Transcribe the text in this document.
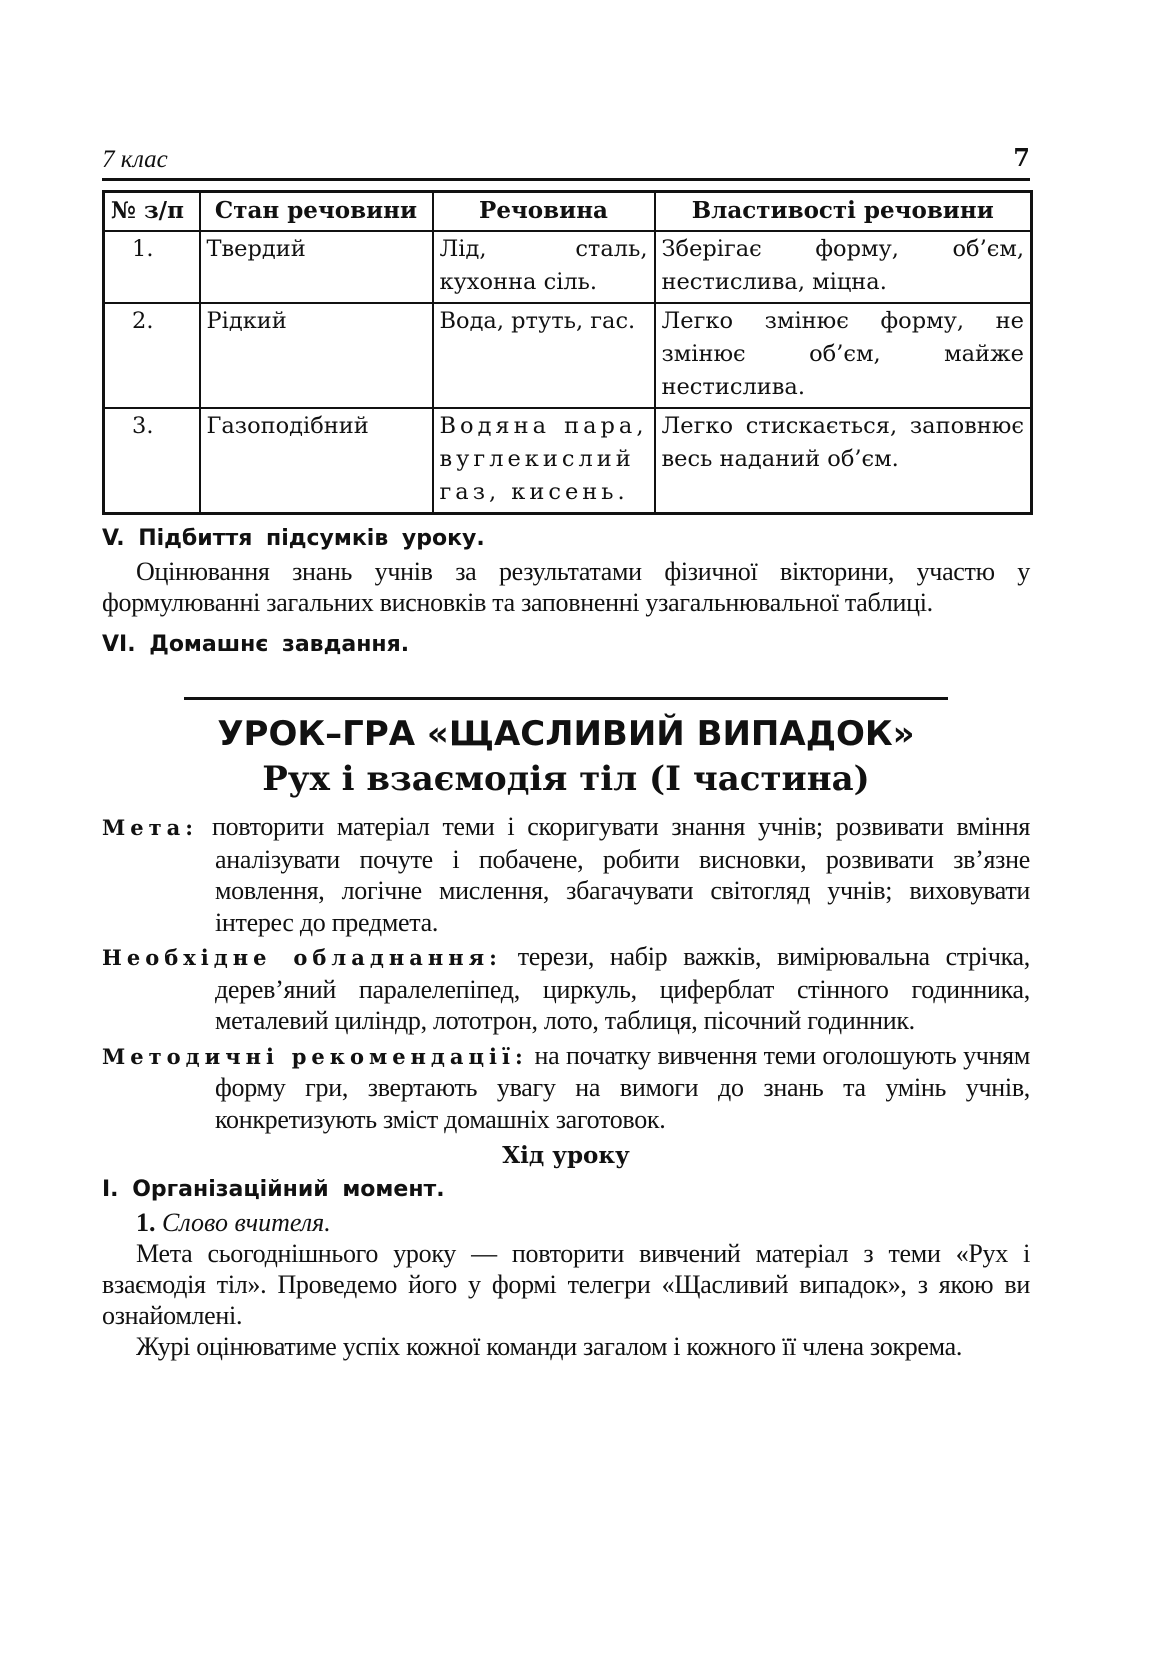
7 клас	7
№ з/п	Стан речовини	Речовина	Властивості речовини
1.	Твердий	Лід, сталь, кухонна сіль.	Зберігає форму, об’єм, нестислива, міцна.
2.	Рідкий	Вода, ртуть, гас.	Легко змінює форму, не змінює об’єм, майже нестислива.
3.	Газоподібний	Водяна пара, вуглекислий газ, кисень.	Легко стискається, заповнює весь наданий об’єм.
V. Підбиття підсумків уроку.

Оцінювання знань учнів за результатами фізичної вікторини, участю у формулюванні загальних висновків та заповненні узагальнювальної таблиці.

VI. Домашнє завдання.
УРОК–ГРА «ЩАСЛИВИЙ ВИПАДОК»
Рух і взаємодія тіл (І частина)

Мета: повторити матеріал теми і скоригувати знання учнів; розвивати вміння аналізувати почуте і побачене, робити висновки, розвивати зв’язне мовлення, логічне мислення, збагачувати світогляд учнів; виховувати інтерес до предмета.

Необхідне обладнання: терези, набір важків, вимірювальна стрічка, дерев’яний паралелепіпед, циркуль, циферблат стінного годинника, металевий циліндр, лототрон, лото, таблиця, пісочний годинник.

Методичні рекомендації: на початку вивчення теми оголошують учням форму гри, звертають увагу на вимоги до знань та умінь учнів, конкретизують зміст домашніх заготовок.

Хід уроку
І. Організаційний момент.

1. Слово вчителя.

Мета сьогоднішнього уроку — повторити вивчений матеріал з теми «Рух і взаємодія тіл». Проведемо його у формі телегри «Щасливий випадок», з якою ви ознайомлені.

Журі оцінюватиме успіх кожної команди загалом і кожного її члена зокрема.
